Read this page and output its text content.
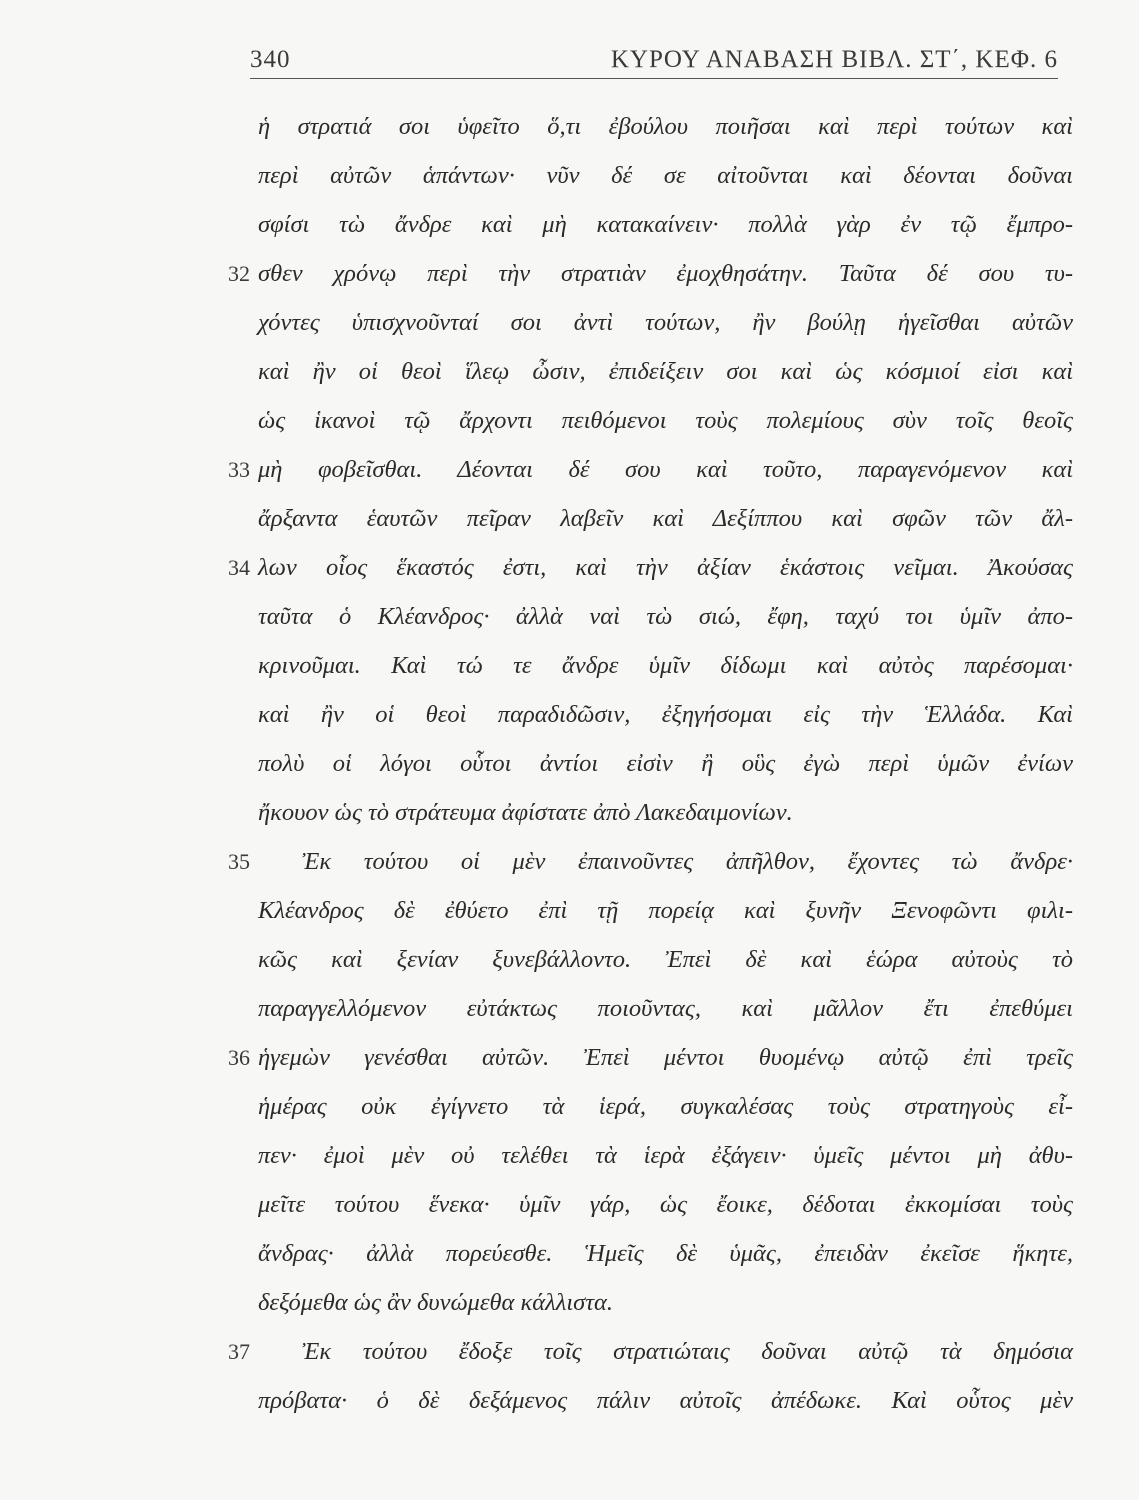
340	ΚΥΡΟΥ ΑΝΑΒΑΣΗ ΒΙΒΛ. ΣΤ΄, ΚΕΦ. 6
ἡ στρατιά σοι ὑφεῖτο ὅ,τι ἐβούλου ποιῆσαι καὶ περὶ τούτων καὶ
περὶ αὐτῶν ἁπάντων· νῦν δέ σε αἰτοῦνται καὶ δέονται δοῦναι
σφίσι τὼ ἄνδρε καὶ μὴ κατακαίνειν· πολλὰ γὰρ ἐν τῷ ἔμπρο-
σθεν χρόνῳ περὶ τὴν στρατιὰν ἐμοχθησάτην. Ταῦτα δέ σου τυ-
χόντες ὑπισχνοῦνταί σοι ἀντὶ τούτων, ἢν βούλῃ ἡγεῖσθαι αὐτῶν
καὶ ἢν οἱ θεοὶ ἵλεῳ ὦσιν, ἐπιδείξειν σοι καὶ ὡς κόσμιοί εἰσι καὶ
ὡς ἱκανοὶ τῷ ἄρχοντι πειθόμενοι τοὺς πολεμίους σὺν τοῖς θεοῖς
μὴ φοβεῖσθαι. Δέονται δέ σου καὶ τοῦτο, παραγενόμενον καὶ
ἄρξαντα ἑαυτῶν πεῖραν λαβεῖν καὶ Δεξίππου καὶ σφῶν τῶν ἄλ-
λων οἷος ἕκαστός ἐστι, καὶ τὴν ἀξίαν ἑκάστοις νεῖμαι. Ἀκούσας
ταῦτα ὁ Κλέανδρος· ἀλλὰ ναὶ τὼ σιώ, ἔφη, ταχύ τοι ὑμῖν ἀπο-
κρινοῦμαι. Καὶ τώ τε ἄνδρε ὑμῖν δίδωμι καὶ αὐτὸς παρέσομαι·
καὶ ἢν οἱ θεοὶ παραδιδῶσιν, ἐξηγήσομαι εἰς τὴν Ἑλλάδα. Καὶ
πολὺ οἱ λόγοι οὗτοι ἀντίοι εἰσὶν ἢ οὓς ἐγὼ περὶ ὑμῶν ἐνίων
ἤκουον ὡς τὸ στράτευμα ἀφίστατε ἀπὸ Λακεδαιμονίων.
Ἐκ τούτου οἱ μὲν ἐπαινοῦντες ἀπῆλθον, ἔχοντες τὼ ἄνδρε·
Κλέανδρος δὲ ἐθύετο ἐπὶ τῇ πορείᾳ καὶ ξυνῆν Ξενοφῶντι φιλι-
κῶς καὶ ξενίαν ξυνεβάλλοντο. Ἐπεὶ δὲ καὶ ἑώρα αὐτοὺς τὸ
παραγγελλόμενον εὐτάκτως ποιοῦντας, καὶ μᾶλλον ἔτι ἐπεθύμει
ἡγεμὼν γενέσθαι αὐτῶν. Ἐπεὶ μέντοι θυομένῳ αὐτῷ ἐπὶ τρεῖς
ἡμέρας οὐκ ἐγίγνετο τὰ ἱερά, συγκαλέσας τοὺς στρατηγοὺς εἶ-
πεν· ἐμοὶ μὲν οὐ τελέθει τὰ ἱερὰ ἐξάγειν· ὑμεῖς μέντοι μὴ ἀθυ-
μεῖτε τούτου ἕνεκα· ὑμῖν γάρ, ὡς ἔοικε, δέδοται ἐκκομίσαι τοὺς
ἄνδρας· ἀλλὰ πορεύεσθε. Ἡμεῖς δὲ ὑμᾶς, ἐπειδὰν ἐκεῖσε ἥκητε,
δεξόμεθα ὡς ἂν δυνώμεθα κάλλιστα.
Ἐκ τούτου ἔδοξε τοῖς στρατιώταις δοῦναι αὐτῷ τὰ δημόσια
πρόβατα· ὁ δὲ δεξάμενος πάλιν αὐτοῖς ἀπέδωκε. Καὶ οὗτος μὲν
32
33
34
35
36
37
